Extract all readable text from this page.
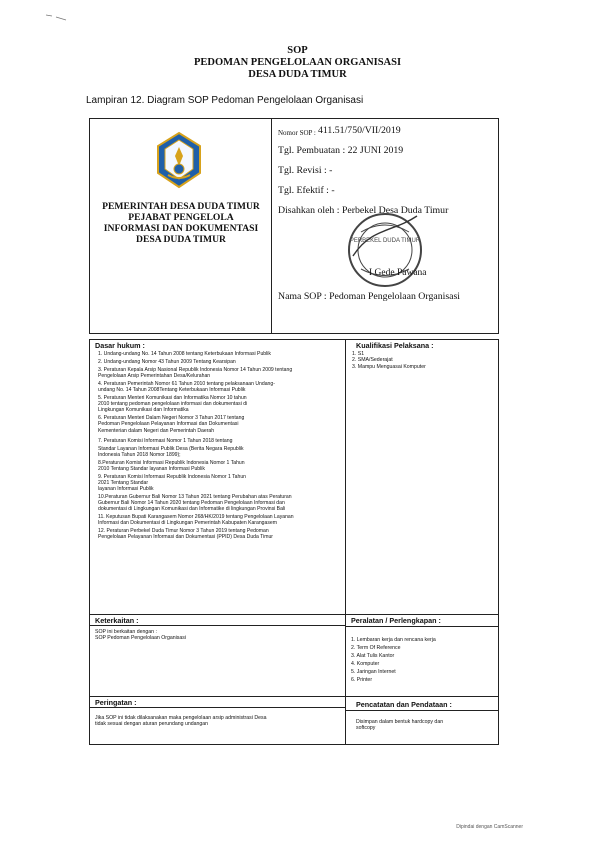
SOP
PEDOMAN PENGELOLAAN ORGANISASI
DESA DUDA TIMUR
Lampiran 12. Diagram SOP Pedoman Pengelolaan Organisasi
PEMERINTAH DESA DUDA TIMUR
PEJABAT PENGELOLA
INFORMASI DAN DOKUMENTASI
DESA DUDA TIMUR
Nomor SOP : 411.51/750/VII/2019
Tgl. Pembuatan : 22 JUNI 2019
Tgl. Revisi : -
Tgl. Efektif : -
Disahkan oleh : Perbekel Desa Duda Timur
PERBEKEL DUDA TIMUR
I Gede Pawana
Nama SOP : Pedoman Pengelolaan Organisasi
Dasar hukum :
1. Undang-undang No. 14 Tahun 2008 tentang Keterbukaan Informasi Publik
2. Undang-undang Nomor 43 Tahun 2009 Tentang Kearsipan
3. Peraturan Kepala Arsip Nasional Republik Indonesia Nomor 14 Tahun 2009 tentang
Pengelolaan Arsip Pemerintahan Desa/Kelurahan
4. Peraturan Pemerintah Nomor 61 Tahun 2010 tentang pelaksanaan Undang-
undang No. 14 Tahun 2008Tentang Keterbukaan Informasi Publik
5. Peraturan Menteri Komunikasi dan Informatika Nomor 10 tahun
2010 tentang pedoman pengelolaan informasi dan dokumentasi di
Lingkungan Komunikasi dan Informatika
6. Peraturan Menteri Dalam Negeri Nomor 3 Tahun 2017 tentang
Pedoman Pengelolaan Pelayanan Informasi dan Dokumentasi
Kementerian dalam Negeri dan Pemerintah Daerah
7. Peraturan Komisi Informasi Nomor 1 Tahun 2018 tentang
Standar Layanan Informasi Publik Desa (Berita Negara Republik
Indonesia Tahun 2018 Nomor 1899);
8.Peraturan Komisi Informasi Republik Indonesia Nomor 1 Tahun
2010 Tentang Standar layanan Informasi Publik
9. Peraturan Komisi Informasi Republik Indonesia Nomor 1 Tahun
2021 Tentang Standar
layanan Informasi Publik
10.Peraturan Gubernur Bali Nomor 13 Tahun 2021 tentang Perubahan atas Peraturan
Gubernur Bali Nomor 14 Tahun 2020 tentang Pedoman Pengelolaan Informasi dan
dokumentasi di Lingkungan Komunikasi dan Informatike di lingkungan Provinsi Bali
11. Keputusan Bupati Karangasem Nomor 268/HK/2019 tentang Pengelolaan Layanan
Informasi dan Dokumentasi di Lingkungan Pemerintah Kabupaten Karangasem
12. Peraturan Perbekel Duda Timur Nomor 3 Tahun 2019 tentang Pedoman
Pengelolaan Pelayanan Informasi dan Dokumentasi (PPID) Desa Duda Timur
Kualifikasi Pelaksana :
1. S1
2. SMA/Sederajat
3. Mampu Menguasai Komputer
Keterkaitan :
SOP ini berkaitan dengan :
SOP Pedoman Pengelolaan Organisasi
Peralatan / Perlengkapan :
1. Lembaran kerja dan rencana kerja
2. Term Of Reference
3. Alat Tulis Kantor
4. Komputer
5. Jaringan Internet
6. Printer
Peringatan :
Jika SOP ini tidak dilaksanakan maka pengelolaan arsip administrasi Desa
tidak sesuai dengan aturan perundang undangan
Pencatatan dan Pendataan :
Disimpan dalam bentuk hardcopy dan
softcopy
Dipindai dengan CamScanner
